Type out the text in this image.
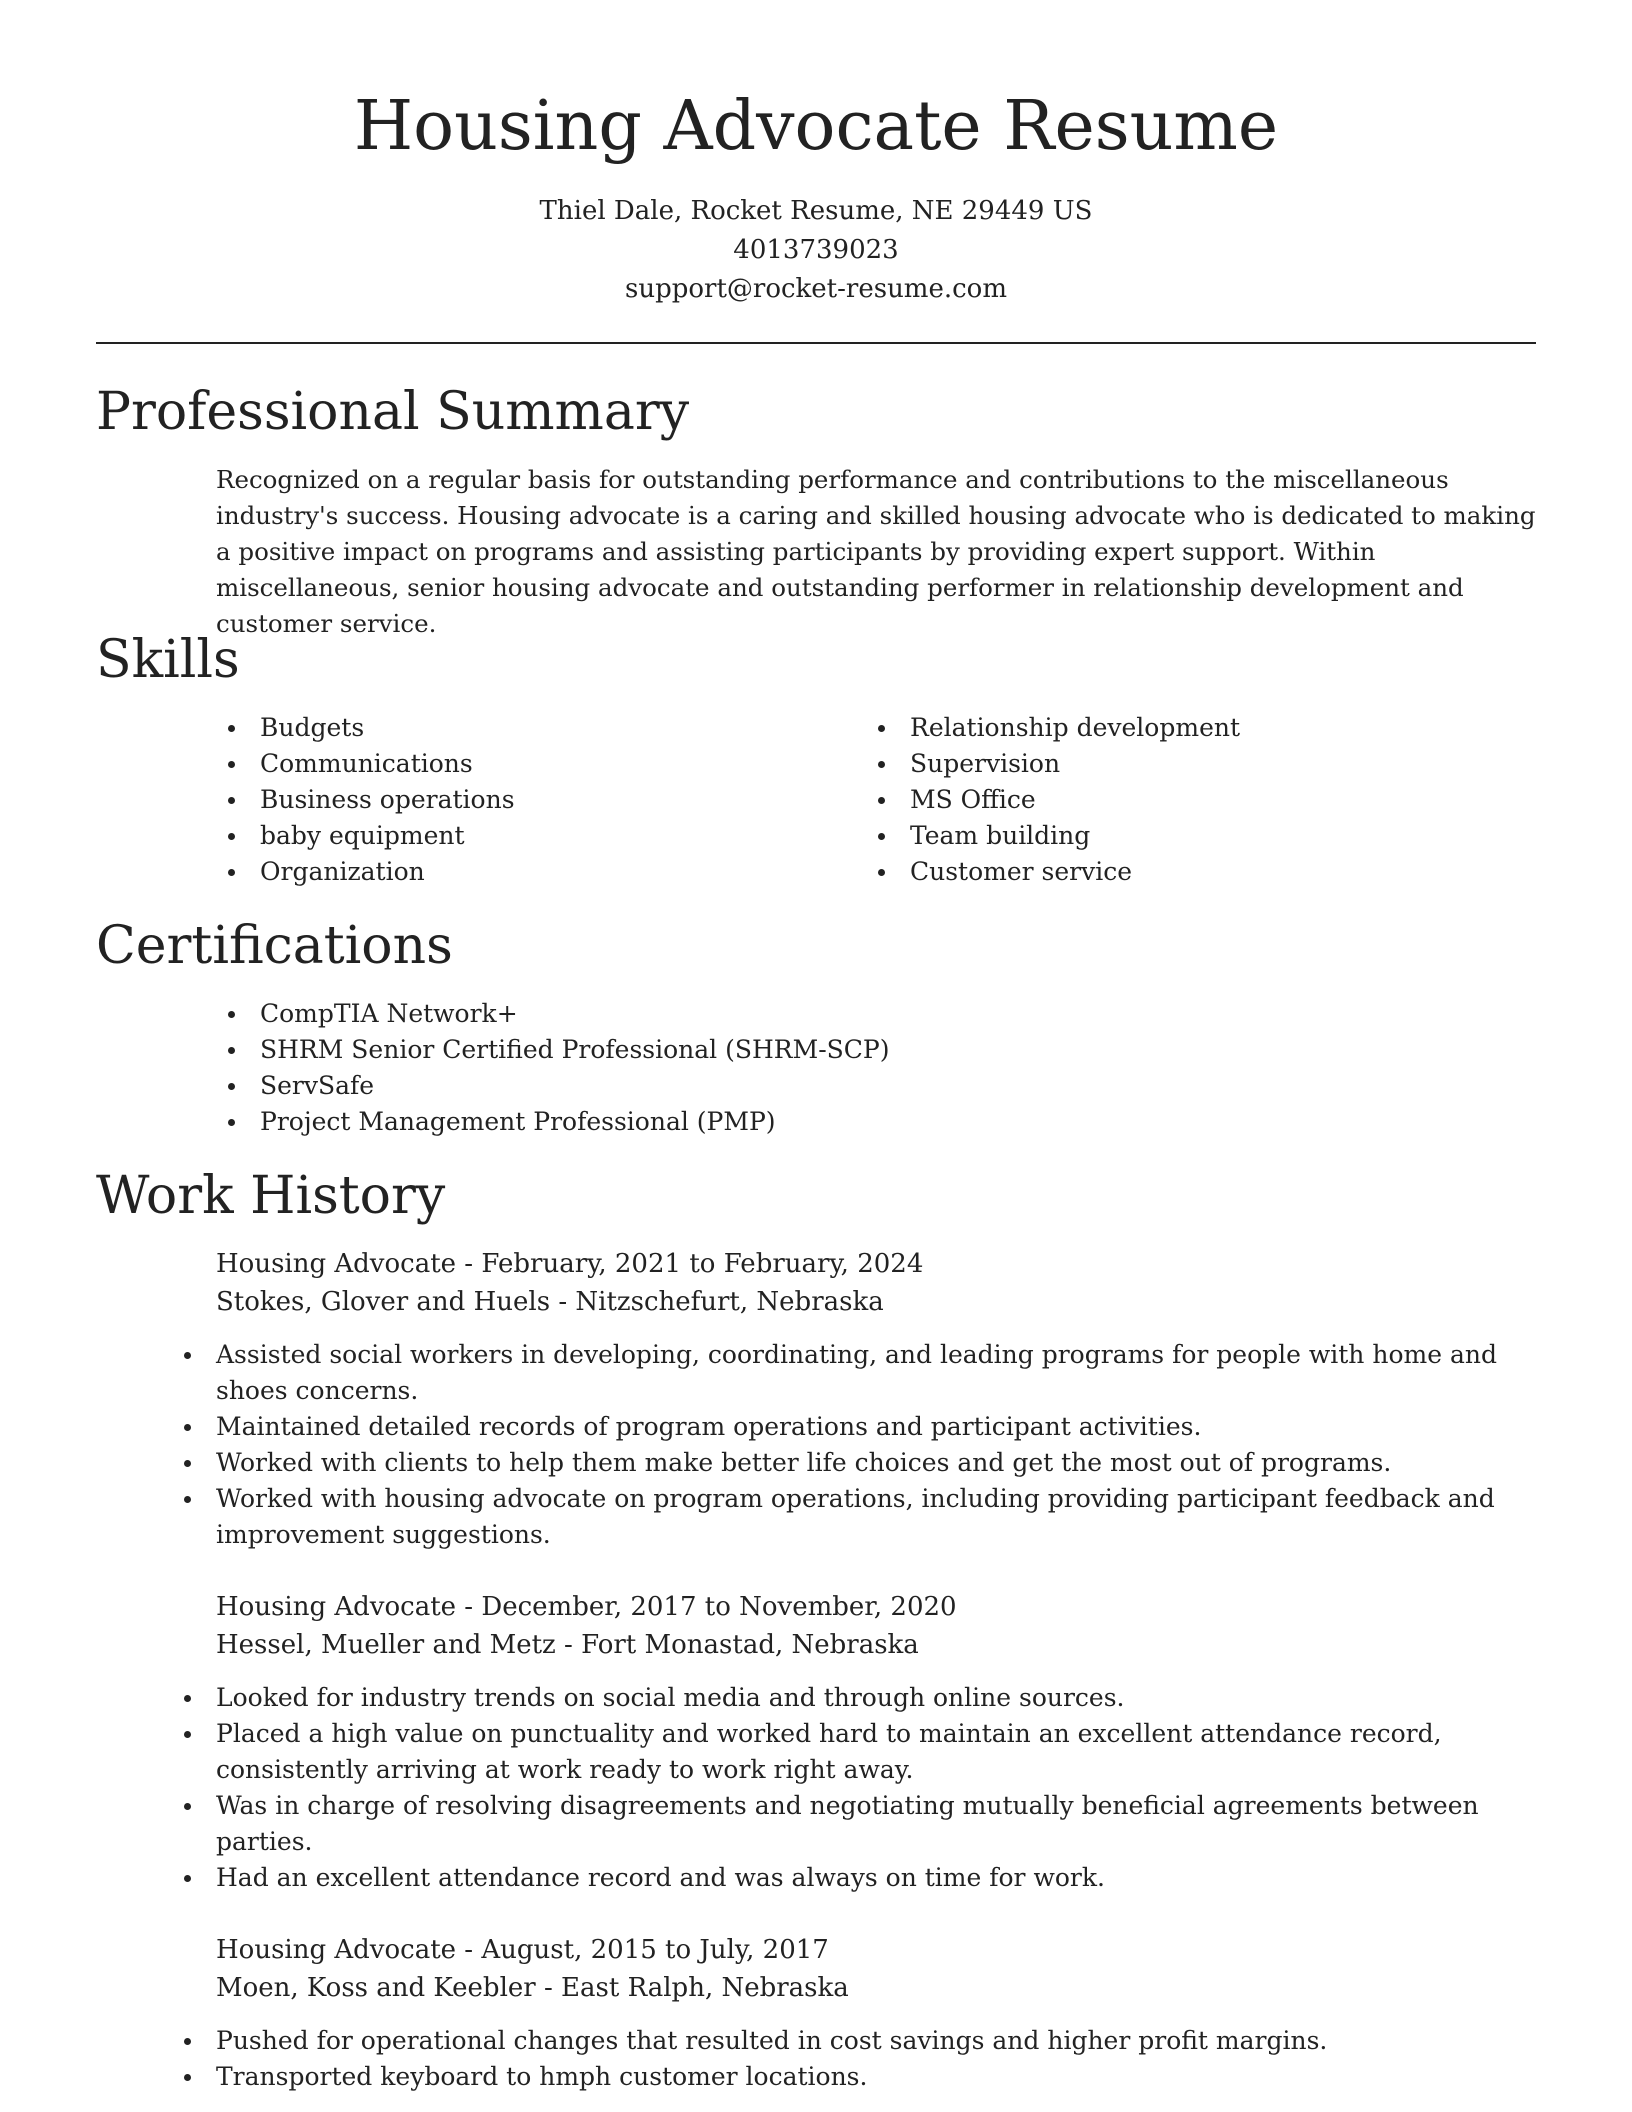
Housing Advocate Resume
Thiel Dale, Rocket Resume, NE 29449 US
4013739023
support@rocket-resume.com
Professional Summary

Recognized on a regular basis for outstanding performance and contributions to the miscellaneous industry's success. Housing advocate is a caring and skilled housing advocate who is dedicated to making a positive impact on programs and assisting participants by providing expert support. Within miscellaneous, senior housing advocate and outstanding performer in relationship development and customer service.

Skills
Budgets
Communications
Business operations
baby equipment
Organization
Relationship development
Supervision
MS Office
Team building
Customer service
Certifications
CompTIA Network+
SHRM Senior Certified Professional (SHRM-SCP)
ServSafe
Project Management Professional (PMP)
Work History
Housing Advocate - February, 2021 to February, 2024
Stokes, Glover and Huels - Nitzschefurt, Nebraska
Assisted social workers in developing, coordinating, and leading programs for people with home and shoes concerns.
Maintained detailed records of program operations and participant activities.
Worked with clients to help them make better life choices and get the most out of programs.
Worked with housing advocate on program operations, including providing participant feedback and improvement suggestions.
Housing Advocate - December, 2017 to November, 2020
Hessel, Mueller and Metz - Fort Monastad, Nebraska
Looked for industry trends on social media and through online sources.
Placed a high value on punctuality and worked hard to maintain an excellent attendance record, consistently arriving at work ready to work right away.
Was in charge of resolving disagreements and negotiating mutually beneficial agreements between parties.
Had an excellent attendance record and was always on time for work.
Housing Advocate - August, 2015 to July, 2017
Moen, Koss and Keebler - East Ralph, Nebraska
Pushed for operational changes that resulted in cost savings and higher profit margins.
Transported keyboard to hmph customer locations.
